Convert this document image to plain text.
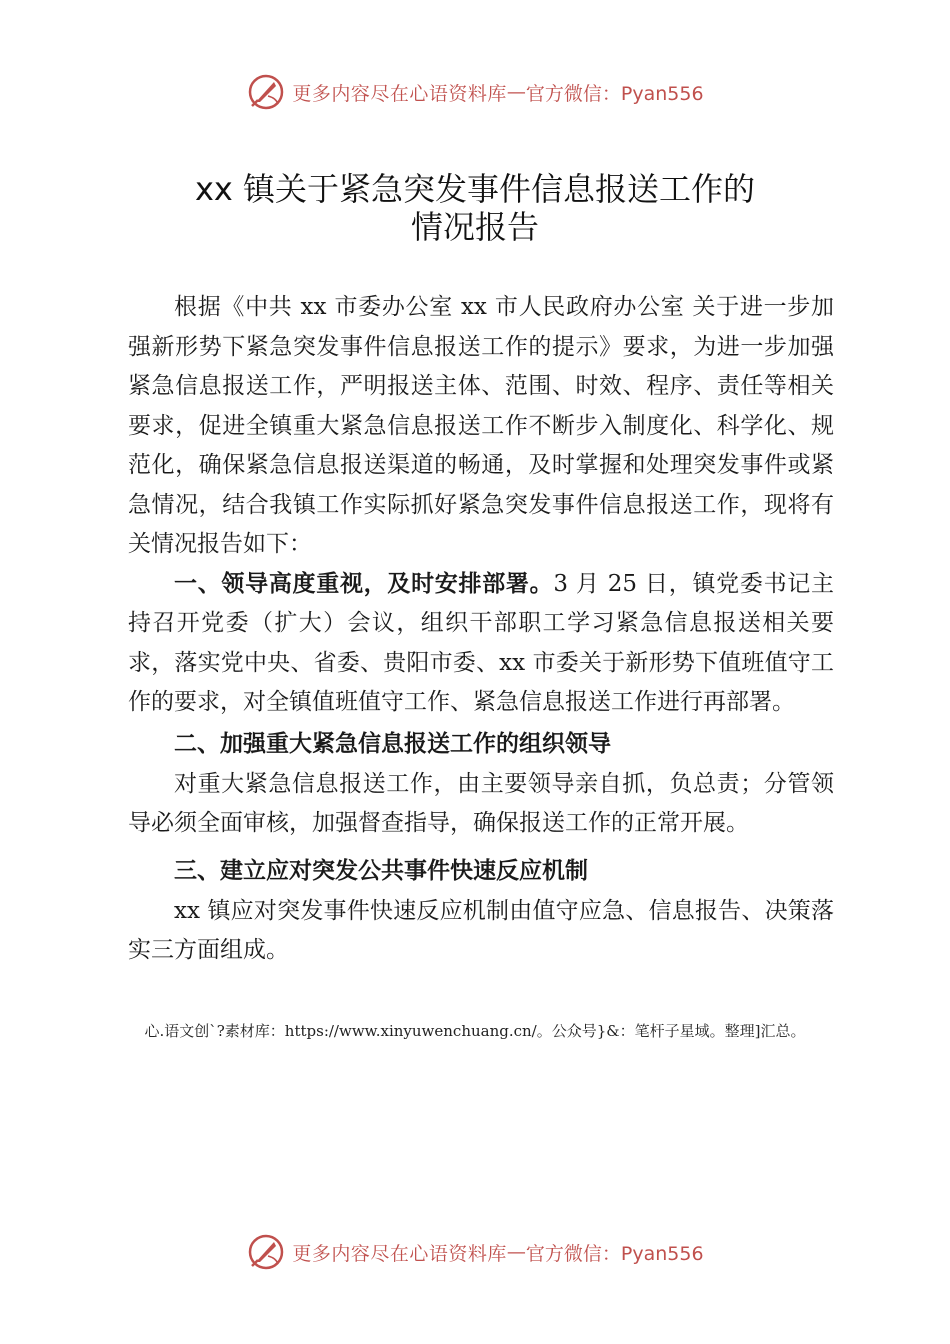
更多内容尽在心语资料库 — 官方微信：Pyan556
xx 镇关于紧急突发事件信息报送工作的
情况报告

根据《中共 xx 市委办公室 xx 市人民政府办公室 关于进一步加强新形势下紧急突发事件信息报送工作的提示》要求，为进一步加强紧急信息报送工作，严明报送主体、范围、时效、程序、责任等相关要求，促进全镇重大紧急信息报送工作不断步入制度化、科学化、规范化，确保紧急信息报送渠道的畅通，及时掌握和处理突发事件或紧急情况，结合我镇工作实际抓好紧急突发事件信息报送工作，现将有关情况报告如下：

一、领导高度重视，及时安排部署。3 月 25 日，镇党委书记主持召开党委（扩大）会议，组织干部职工学习紧急信息报送相关要求，落实党中央、省委、贵阳市委、xx 市委关于新形势下值班值守工作的要求，对全镇值班值守工作、紧急信息报送工作进行再部署。

二、加强重大紧急信息报送工作的组织领导

对重大紧急信息报送工作，由主要领导亲自抓，负总责；分管领导必须全面审核，加强督查指导，确保报送工作的正常开展。

三、建立应对突发公共事件快速反应机制

xx 镇应对突发事件快速反应机制由值守应急、信息报告、决策落实三方面组成。

心.语文创`?素材库：https://www.xinyuwenchuang.cn/。公众号}&：笔杆子星域。整理]汇总。
更多内容尽在心语资料库 — 官方微信：Pyan556
